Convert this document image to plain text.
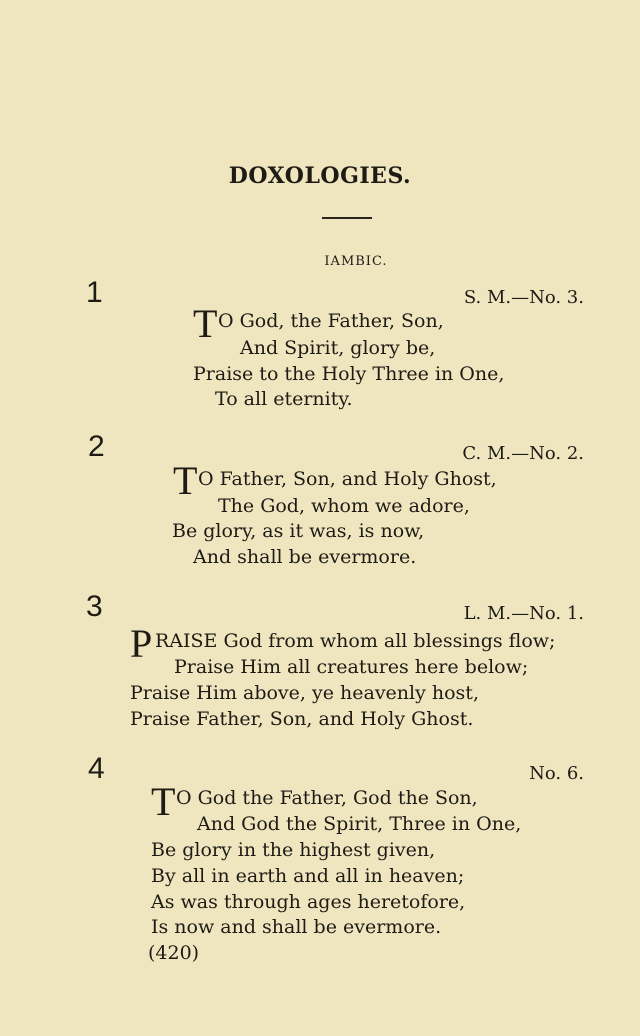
DOXOLOGIES.
IAMBIC.
1	S. M.—No. 3.
T O God, the Father, Son,
And Spirit, glory be,
Praise to the Holy Three in One,
To all eternity.
2	C. M.—No. 2.
T O Father, Son, and Holy Ghost,
The God, whom we adore,
Be glory, as it was, is now,
And shall be evermore.
3	L. M.—No. 1.
P RAISE God from whom all blessings flow;
Praise Him all creatures here below;
Praise Him above, ye heavenly host,
Praise Father, Son, and Holy Ghost.
4	No. 6.
T O God the Father, God the Son,
And God the Spirit, Three in One,
Be glory in the highest given,
By all in earth and all in heaven;
As was through ages heretofore,
Is now and shall be evermore.
(420)
